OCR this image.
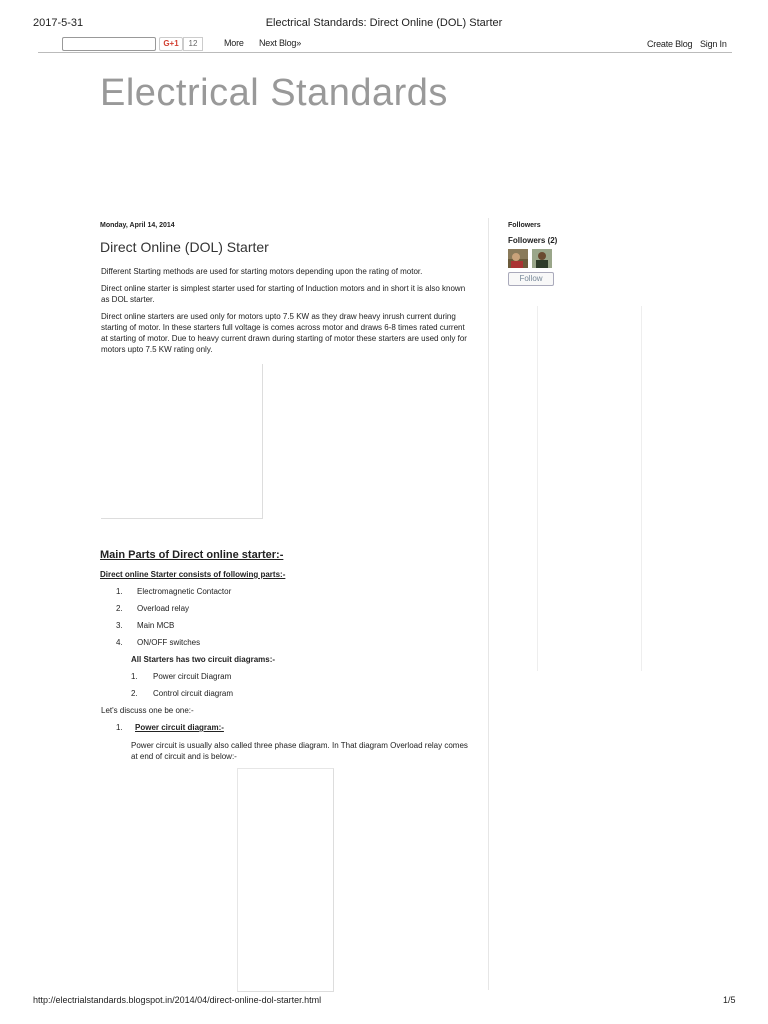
2017-5-31	Electrical Standards: Direct Online (DOL) Starter
G+1	12	More Next Blog»	Create Blog Sign In
Electrical Standards
Monday, April 14, 2014
Direct Online (DOL) Starter
Different Starting methods are used for starting motors depending upon the rating of motor.
Direct online starter is simplest starter used for starting of Induction motors and in short it is also known as DOL starter.
Direct online starters are used only for motors upto 7.5 KW as they draw heavy inrush current during starting of motor. In these starters full voltage is comes across motor and draws 6-8 times rated current at starting of motor. Due to heavy current drawn during starting of motor these starters are used only for motors upto 7.5 KW rating only.
Main Parts of Direct online starter:-
Direct online Starter consists of following parts:-
1. Electromagnetic Contactor
2. Overload relay
3. Main MCB
4. ON/OFF switches
All Starters has two circuit diagrams:-
1. Power circuit Diagram
2. Control circuit diagram
Let's discuss one be one:-
1. Power circuit diagram:-
Power circuit is usually also called three phase diagram. In That diagram Overload relay comes at end of circuit and is below:-
Followers
Followers (2)
Follow
http://electrialstandards.blogspot.in/2014/04/direct-online-dol-starter.html	1/5
